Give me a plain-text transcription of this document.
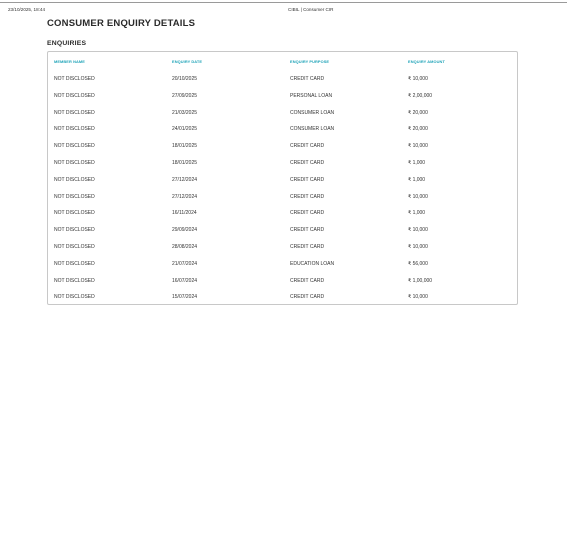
23/10/2025, 18:44	CIBIL | Consumer CIR
CONSUMER ENQUIRY DETAILS
ENQUIRIES
MEMBER NAME	ENQUIRY DATE	ENQUIRY PURPOSE	ENQUIRY AMOUNT
NOT DISCLOSED	20/10/2025	CREDIT CARD	₹ 10,000
NOT DISCLOSED	27/09/2025	PERSONAL LOAN	₹ 2,00,000
NOT DISCLOSED	21/03/2025	CONSUMER LOAN	₹ 20,000
NOT DISCLOSED	24/01/2025	CONSUMER LOAN	₹ 20,000
NOT DISCLOSED	18/01/2025	CREDIT CARD	₹ 10,000
NOT DISCLOSED	18/01/2025	CREDIT CARD	₹ 1,000
NOT DISCLOSED	27/12/2024	CREDIT CARD	₹ 1,000
NOT DISCLOSED	27/12/2024	CREDIT CARD	₹ 10,000
NOT DISCLOSED	16/11/2024	CREDIT CARD	₹ 1,000
NOT DISCLOSED	29/09/2024	CREDIT CARD	₹ 10,000
NOT DISCLOSED	28/08/2024	CREDIT CARD	₹ 10,000
NOT DISCLOSED	21/07/2024	EDUCATION LOAN	₹ 56,000
NOT DISCLOSED	16/07/2024	CREDIT CARD	₹ 1,00,000
NOT DISCLOSED	15/07/2024	CREDIT CARD	₹ 10,000
